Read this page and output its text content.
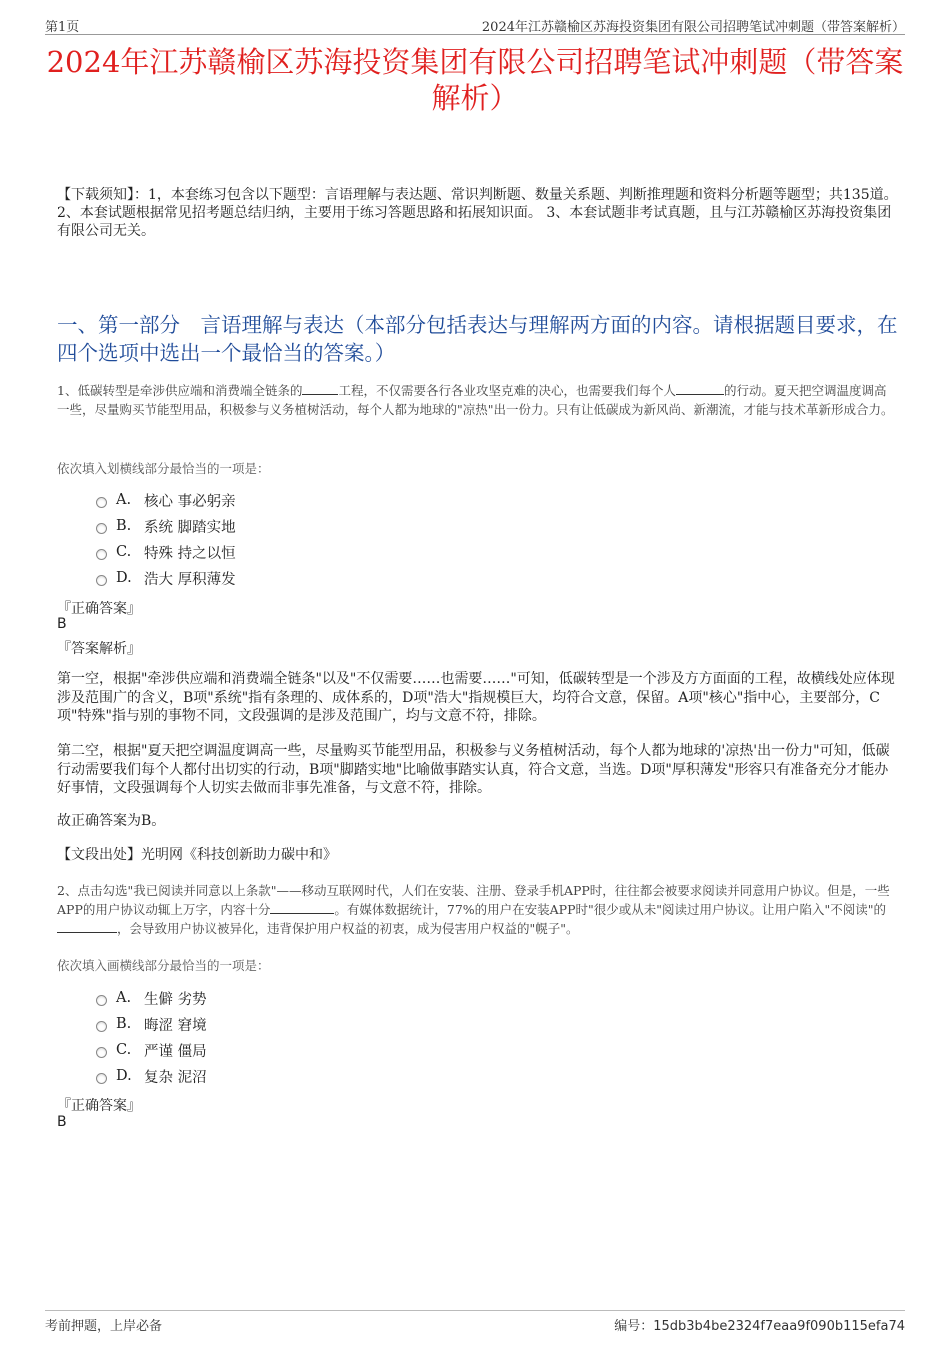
第1页	2024年江苏赣榆区苏海投资集团有限公司招聘笔试冲刺题（带答案解析）
2024年江苏赣榆区苏海投资集团有限公司招聘笔试冲刺题（带答案解析）
【下载须知】：1，本套练习包含以下题型：言语理解与表达题、常识判断题、数量关系题、判断推理题和资料分析题等题型；共135道。 2、本套试题根据常见招考题总结归纳，主要用于练习答题思路和拓展知识面。 3、本套试题非考试真题，且与江苏赣榆区苏海投资集团有限公司无关。
一、第一部分　言语理解与表达（本部分包括表达与理解两方面的内容。请根据题目要求，在四个选项中选出一个最恰当的答案。）
1、低碳转型是牵涉供应端和消费端全链条的	工程，不仅需要各行各业攻坚克难的决心，也需要我们每个人	的行动。夏天把空调温度调高一些，尽量购买节能型用品，积极参与义务植树活动，每个人都为地球的"凉热"出一份力。只有让低碳成为新风尚、新潮流，才能与技术革新形成合力。
依次填入划横线部分最恰当的一项是：
A. 核心 事必躬亲
B. 系统 脚踏实地
C. 特殊 持之以恒
D. 浩大 厚积薄发
『正确答案』
B
『答案解析』
第一空，根据"牵涉供应端和消费端全链条"以及"不仅需要……也需要……"可知，低碳转型是一个涉及方方面面的工程，故横线处应体现涉及范围广的含义，B项"系统"指有条理的、成体系的，D项"浩大"指规模巨大，均符合文意，保留。A项"核心"指中心，主要部分，C项"特殊"指与别的事物不同，文段强调的是涉及范围广，均与文意不符，排除。
第二空，根据"夏天把空调温度调高一些，尽量购买节能型用品，积极参与义务植树活动，每个人都为地球的'凉热'出一份力"可知，低碳行动需要我们每个人都付出切实的行动，B项"脚踏实地"比喻做事踏实认真，符合文意，当选。D项"厚积薄发"形容只有准备充分才能办好事情，文段强调每个人切实去做而非事先准备，与文意不符，排除。
故正确答案为B。
【文段出处】光明网《科技创新助力碳中和》
2、点击勾选"我已阅读并同意以上条款"——移动互联网时代，人们在安装、注册、登录手机APP时，往往都会被要求阅读并同意用户协议。但是，一些APP的用户协议动辄上万字，内容十分	。有媒体数据统计，77%的用户在安装APP时"很少或从未"阅读过用户协议。让用户陷入"不阅读"的，会导致用户协议被异化，违背保护用户权益的初衷，成为侵害用户权益的"幌子"。
依次填入画横线部分最恰当的一项是：
A. 生僻 劣势
B. 晦涩 窘境
C. 严谨 僵局
D. 复杂 泥沼
『正确答案』
B
考前押题，上岸必备	编号：15db3b4be2324f7eaa9f090b115efa74
